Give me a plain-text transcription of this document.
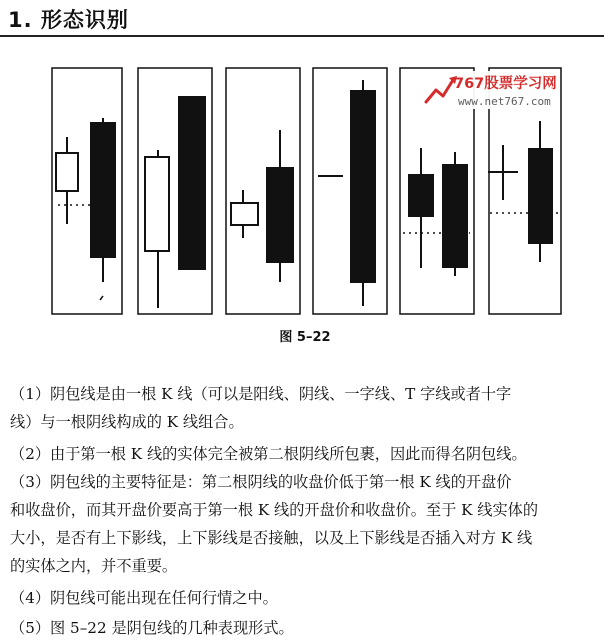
1. 形态识别
767股票学习网
www.net767.com
图 5–22
（1）阴包线是由一根 K 线（可以是阳线、阴线、一字线、T 字线或者十字
线）与一根阴线构成的 K 线组合。
（2）由于第一根 K 线的实体完全被第二根阴线所包裹，因此而得名阴包线。
（3）阴包线的主要特征是：第二根阴线的收盘价低于第一根 K 线的开盘价
和收盘价，而其开盘价要高于第一根 K 线的开盘价和收盘价。至于 K 线实体的
大小，是否有上下影线，上下影线是否接触，以及上下影线是否插入对方 K 线
的实体之内，并不重要。
（4）阴包线可能出现在任何行情之中。
（5）图 5–22 是阴包线的几种表现形式。
